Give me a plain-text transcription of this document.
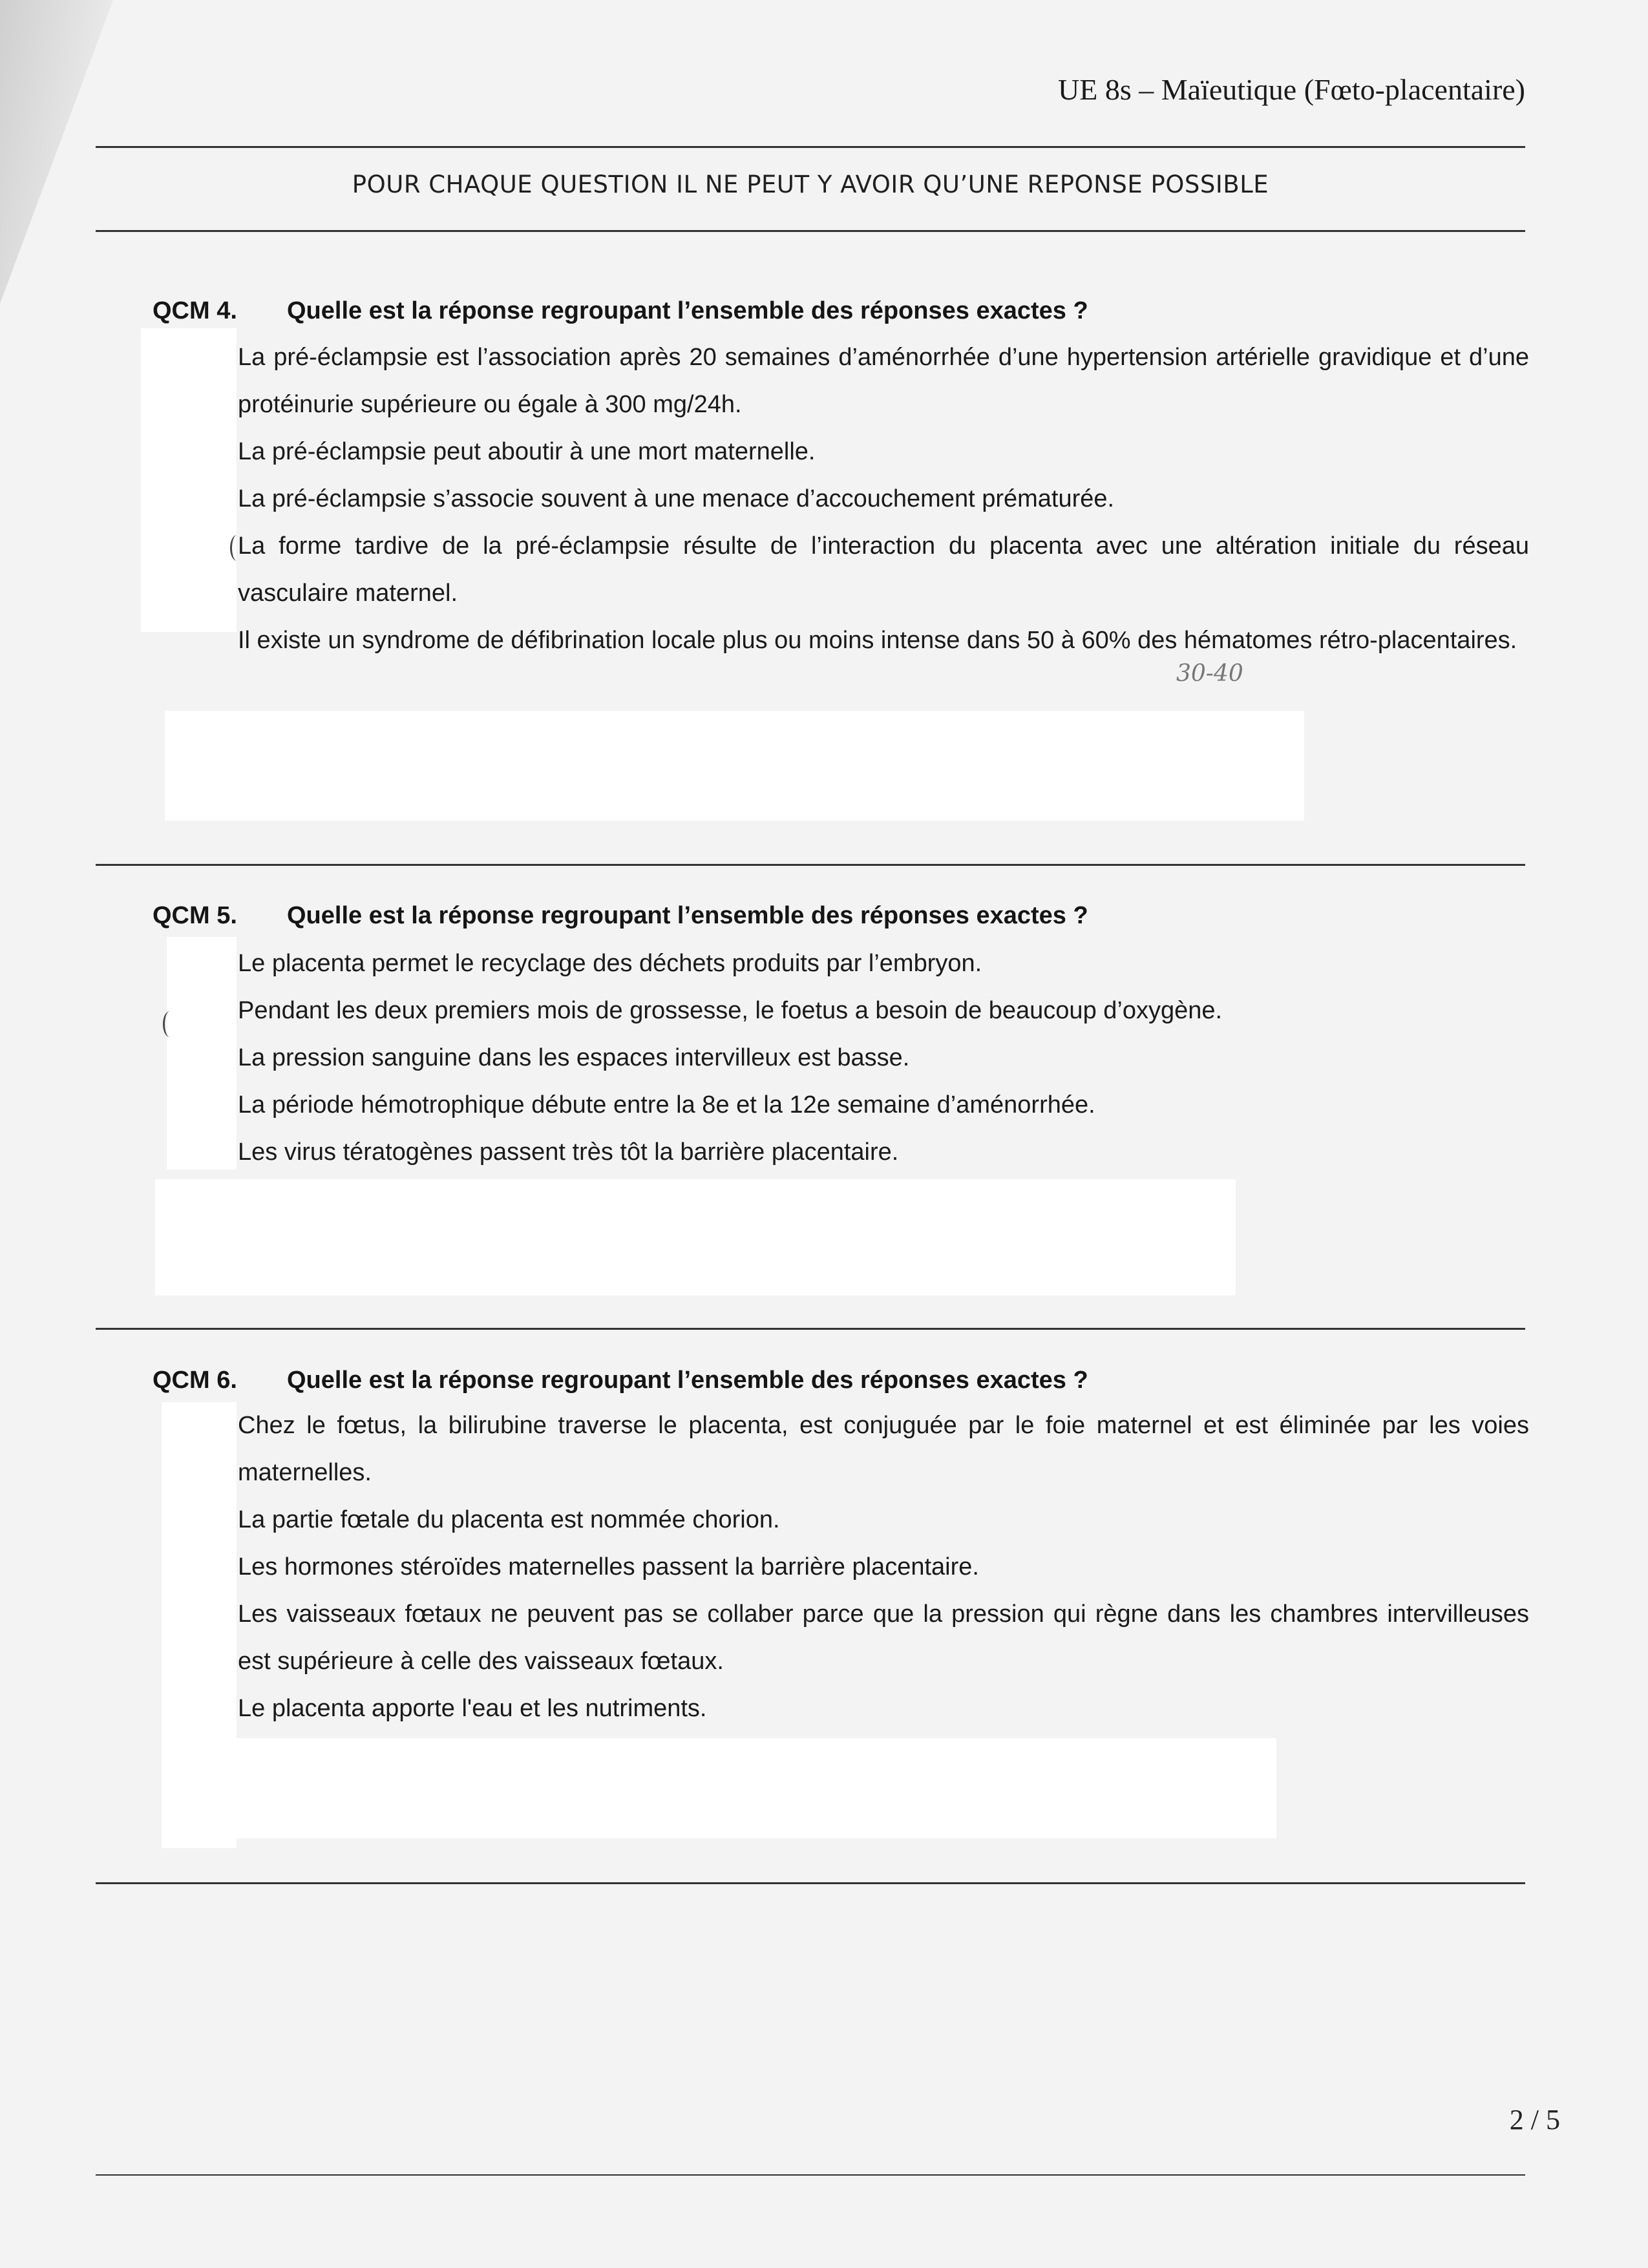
UE 8s – Maïeutique (Fœto-placentaire)
POUR CHAQUE QUESTION IL NE PEUT Y AVOIR QU’UNE REPONSE POSSIBLE
QCM 4. Quelle est la réponse regroupant l’ensemble des réponses exactes ?

La pré-éclampsie est l’association après 20 semaines d’aménorrhée d’une hypertension artérielle gravidique et d’une protéinurie supérieure ou égale à 300 mg/24h.

La pré-éclampsie peut aboutir à une mort maternelle.

La pré-éclampsie s’associe souvent à une menace d’accouchement prématurée.

La forme tardive de la pré-éclampsie résulte de l’interaction du placenta avec une altération initiale du réseau vasculaire maternel.

Il existe un syndrome de défibrination locale plus ou moins intense dans 50 à 60% des hématomes rétro-placentaires.

30-40
QCM 5. Quelle est la réponse regroupant l’ensemble des réponses exactes ?

Le placenta permet le recyclage des déchets produits par l’embryon.

Pendant les deux premiers mois de grossesse, le foetus a besoin de beaucoup d’oxygène.

La pression sanguine dans les espaces intervilleux est basse.

La période hémotrophique débute entre la 8e et la 12e semaine d’aménorrhée.

Les virus tératogènes passent très tôt la barrière placentaire.

QCM 6. Quelle est la réponse regroupant l’ensemble des réponses exactes ?

Chez le fœtus, la bilirubine traverse le placenta, est conjuguée par le foie maternel et est éliminée par les voies maternelles.

La partie fœtale du placenta est nommée chorion.

Les hormones stéroïdes maternelles passent la barrière placentaire.

Les vaisseaux fœtaux ne peuvent pas se collaber parce que la pression qui règne dans les chambres intervilleuses est supérieure à celle des vaisseaux fœtaux.

Le placenta apporte l'eau et les nutriments.

2 / 5
